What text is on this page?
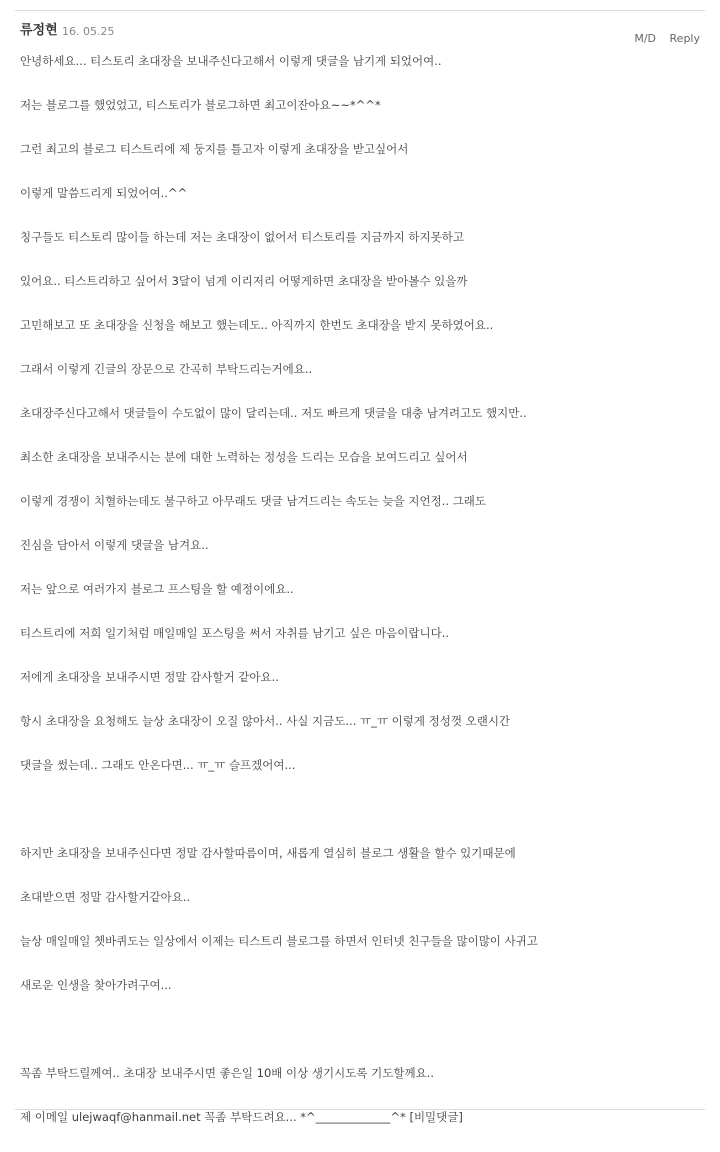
류정현 16. 05.25
M/D Reply
안녕하세요... 티스토리 초대장을 보내주신다고해서 이렇게 댓글을 남기게 되었어여..
저는 블로그를 했었었고, 티스토리가 블로그하면 최고이잔아요~~*^^*
그런 최고의 블로그 티스트리에 제 둥지를 틀고자 이렇게 초대장을 받고싶어서
이렇게 말씀드리게 되었어여..^^
칭구들도 티스토리 많이들 하는데 저는 초대장이 없어서 티스토리를 지금까지 하지못하고
있어요.. 티스트리하고 싶어서 3달이 넘게 이리저리 어떻게하면 초대장을 받아볼수 있을까
고민해보고 또 초대장을 신청을 해보고 했는데도.. 아직까지 한번도 초대장을 받지 못하였어요..
그래서 이렇게 긴글의 장문으로 간곡히 부탁드리는거에요..
초대장주신다고해서 댓글들이 수도없이 많이 달리는데.. 저도 빠르게 댓글을 대충 남겨려고도 했지만..
최소한 초대장을 보내주시는 분에 대한 노력하는 정성을 드리는 모습을 보여드리고 싶어서
이렇게 경쟁이 치혈하는데도 불구하고 아무래도 댓글 남겨드리는 속도는 늦을 지언정.. 그래도
진심을 담아서 이렇게 댓글을 남겨요..
저는 앞으로 여러가지 블로그 프스팅을 할 예정이에요..
티스트리에 저희 일기처럼 매일매일 포스팅을 써서 자취를 남기고 싶은 마음이랍니다..
저에게 초대장을 보내주시면 정말 감사할거 같아요..
항시 초대장을 요청해도 늘상 초대장이 오질 않아서.. 사실 지금도... ㅠ_ㅠ 이렇게 정성껏 오랜시간
댓글을 썼는데.. 그래도 안온다면... ㅠ_ㅠ 슬프겠어여...
하지만 초대장을 보내주신다면 정말 감사할따름이며, 새롭게 열심히 블로그 생활을 할수 있기때문에
초대받으면 정말 감사할거같아요..
늘상 매일매일 쳇바퀴도는 일상에서 이제는 티스트리 블로그를 하면서 인터넷 친구들을 많이많이 사귀고
새로운 인생을 찾아가려구여...
꼭좀 부탁드릴께여.. 초대장 보내주시면 좋은일 10배 이상 생기시도록 기도할께요..
제 이메일 ulejwaqf@hanmail.net 꼭좀 부탁드려요... *^_____________^* [비밀댓글]
